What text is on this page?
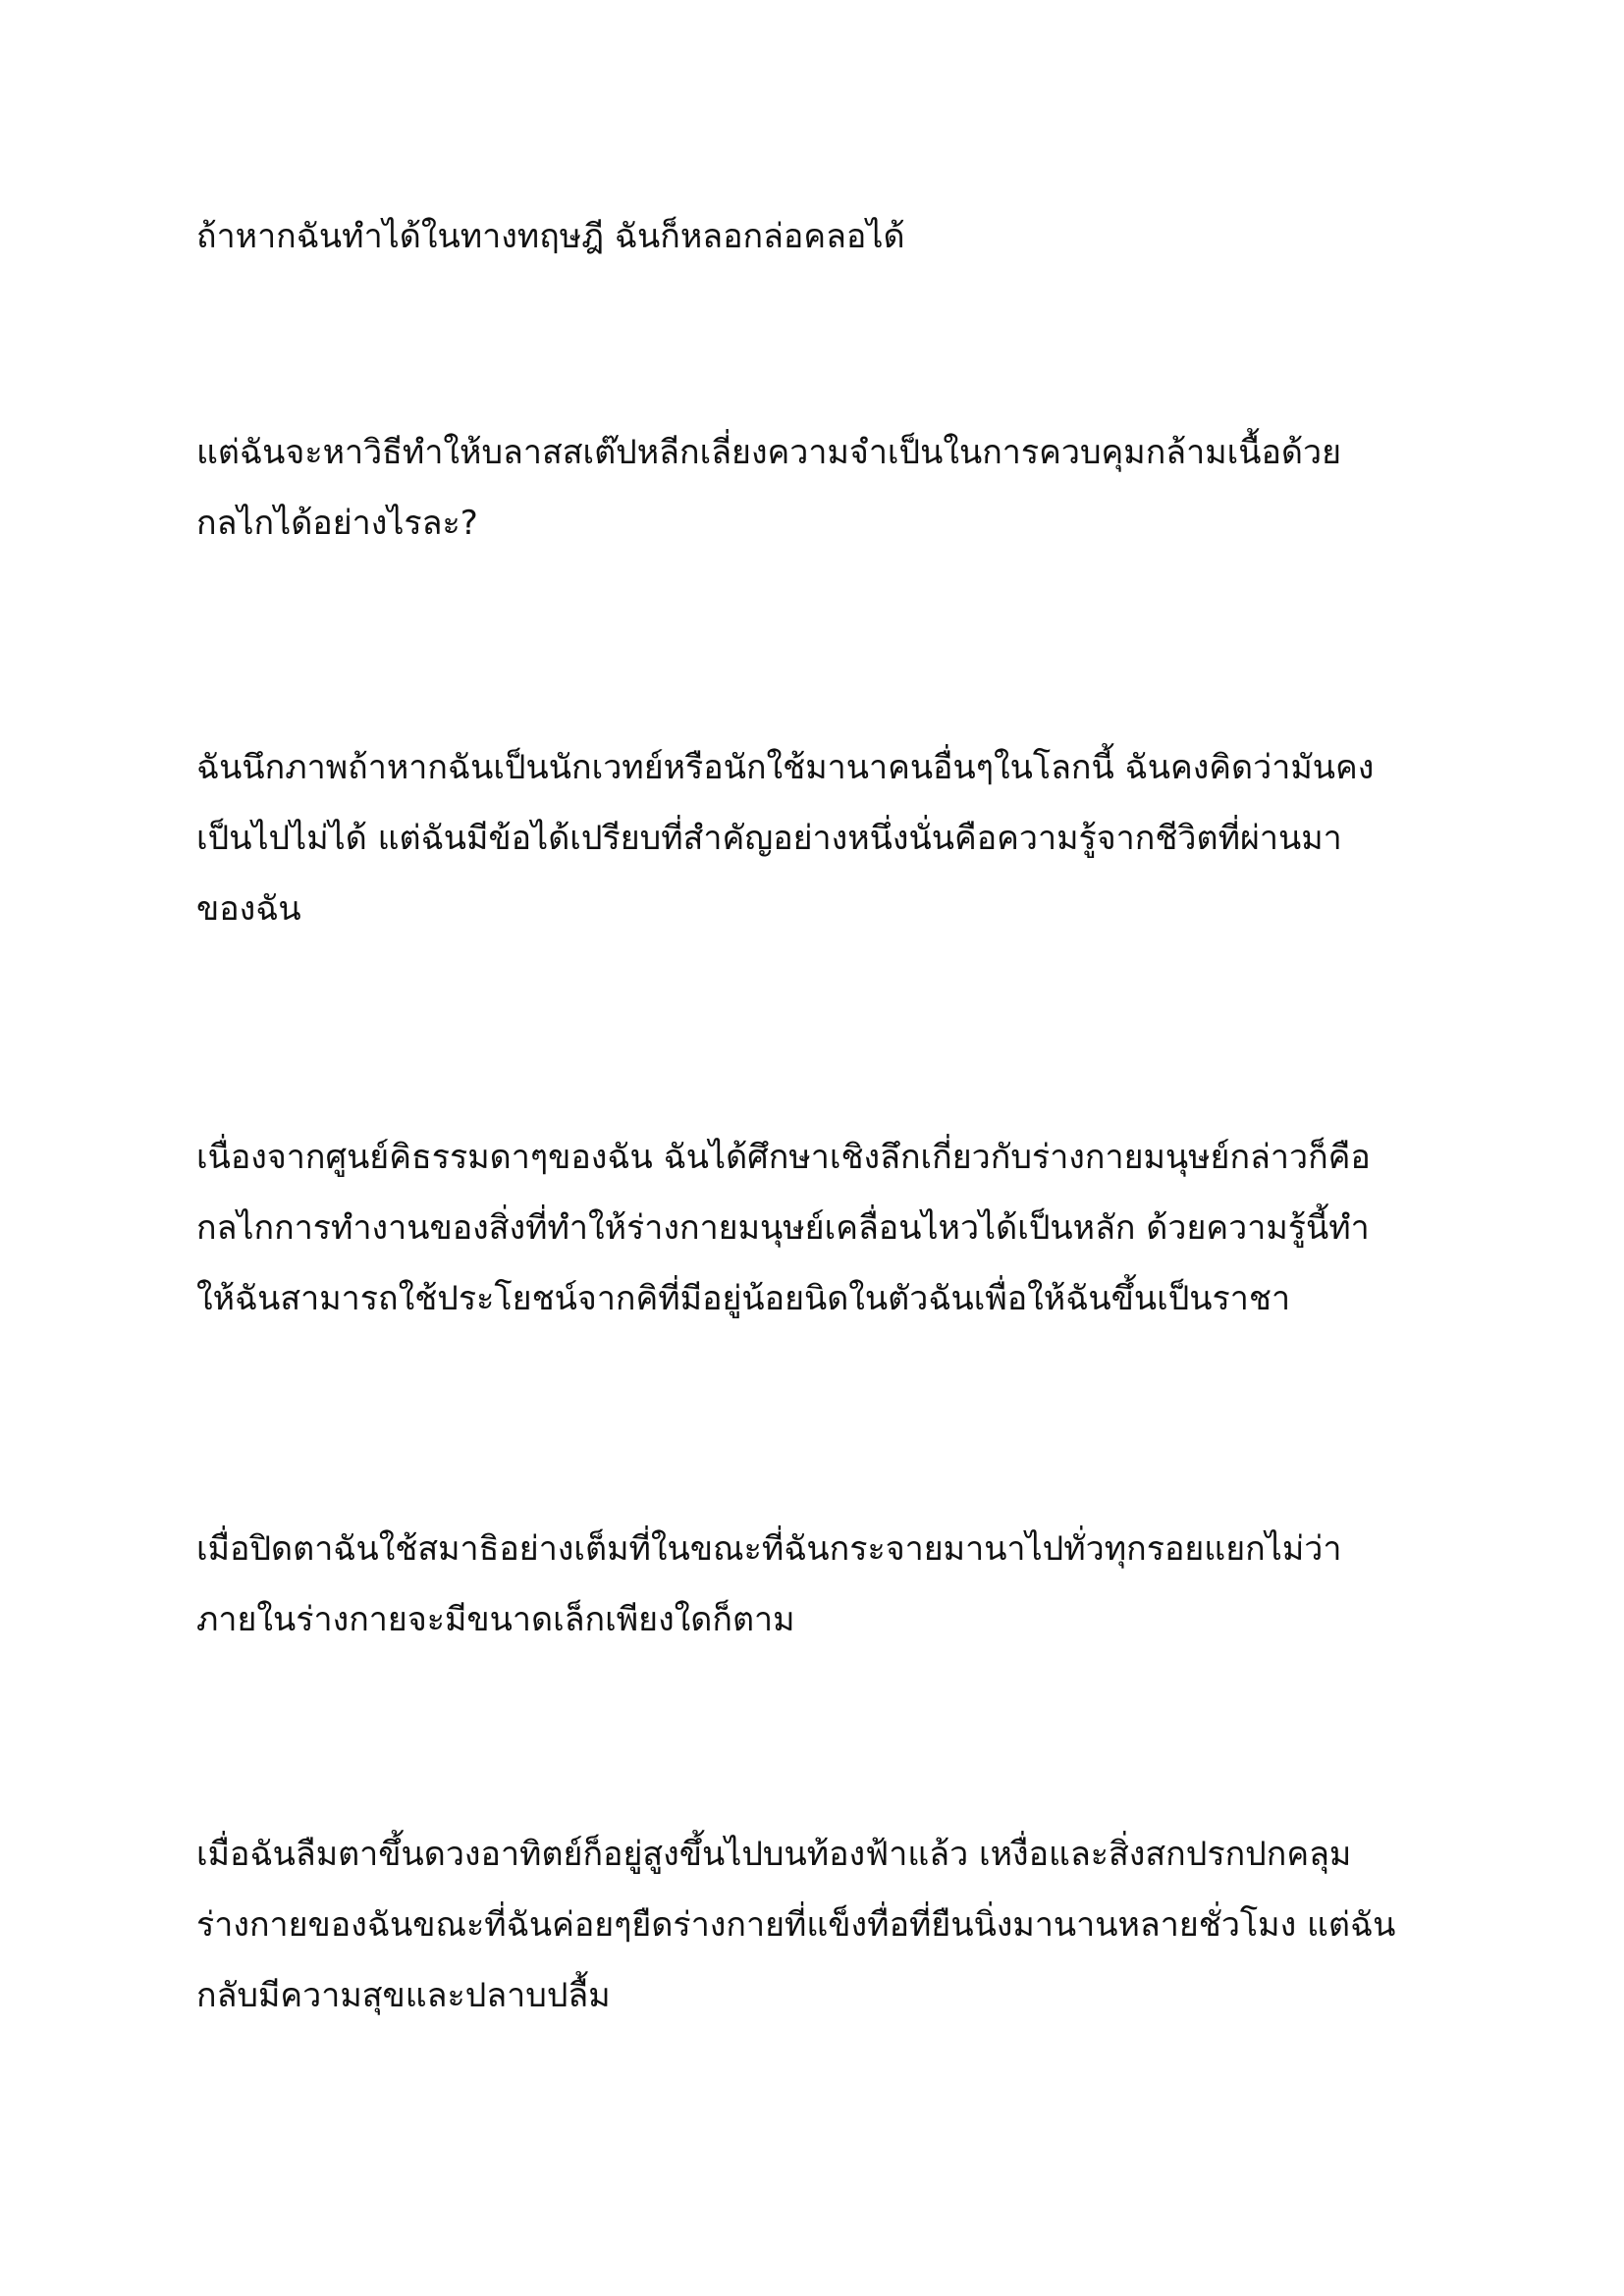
ถ้าหากฉันทำได้ในทางทฤษฎี ฉันก็หลอกล่อคลอได้

แต่ฉันจะหาวิธีทำให้บลาสสเต๊ปหลีกเลี่ยงความจำเป็นในการควบคุมกล้ามเนื้อด้วย
กลไกได้อย่างไรละ?

ฉันนึกภาพถ้าหากฉันเป็นนักเวทย์หรือนักใช้มานาคนอื่นๆในโลกนี้ ฉันคงคิดว่ามันคง
เป็นไปไม่ได้ แต่ฉันมีข้อได้เปรียบที่สำคัญอย่างหนึ่งนั่นคือความรู้จากชีวิตที่ผ่านมา
ของฉัน

เนื่องจากศูนย์คิธรรมดาๆของฉัน ฉันได้ศึกษาเชิงลึกเกี่ยวกับร่างกายมนุษย์กล่าวก็คือ
กลไกการทำงานของสิ่งที่ทำให้ร่างกายมนุษย์เคลื่อนไหวได้เป็นหลัก ด้วยความรู้นี้ทำ
ให้ฉันสามารถใช้ประโยชน์จากคิที่มีอยู่น้อยนิดในตัวฉันเพื่อให้ฉันขึ้นเป็นราชา

เมื่อปิดตาฉันใช้สมาธิอย่างเต็มที่ในขณะที่ฉันกระจายมานาไปทั่วทุกรอยแยกไม่ว่า
ภายในร่างกายจะมีขนาดเล็กเพียงใดก็ตาม

เมื่อฉันลืมตาขึ้นดวงอาทิตย์ก็อยู่สูงขึ้นไปบนท้องฟ้าแล้ว เหงื่อและสิ่งสกปรกปกคลุม
ร่างกายของฉันขณะที่ฉันค่อยๆยืดร่างกายที่แข็งทื่อที่ยืนนิ่งมานานหลายชั่วโมง แต่ฉัน
กลับมีความสุขและปลาบปลื้ม
